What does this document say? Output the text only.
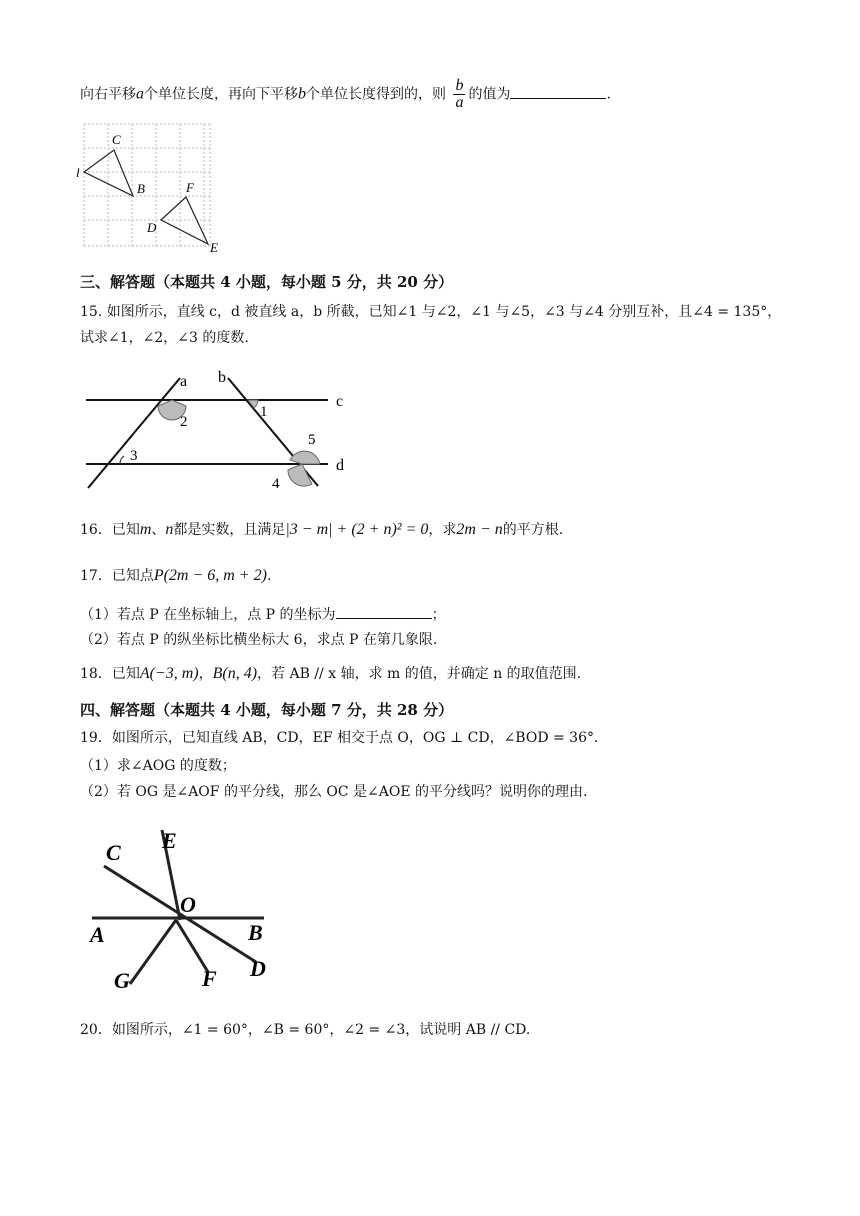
向右平移a个单位长度，再向下平移b个单位长度得到的，则 $\frac{b}{a}$ 的值为	.
C
l
B	F
D
E
三、解答题（本题共 4 小题，每小题 5 分，共 20 分）
15. 如图所示，直线 c，d 被直线 a，b 所截，已知∠1 与∠2，∠1 与∠5，∠3 与∠4 分别互补，且∠4 = 135°，
试求∠1，∠2，∠3 的度数.
a b
c
d
1
2
3
4
5
16．已知m、n都是实数，且满足|3 − m| + (2 + n)² = 0，求2m − n的平方根.
17．已知点P(2m − 6, m + 2).
（1）若点 P 在坐标轴上，点 P 的坐标为	；
（2）若点 P 的纵坐标比横坐标大 6，求点 P 在第几象限.
18．已知A(−3, m)，B(n, 4)，若 AB // x 轴，求 m 的值，并确定 n 的取值范围.
四、解答题（本题共 4 小题，每小题 7 分，共 28 分）
19．如图所示，已知直线 AB，CD，EF 相交于点 O，OG ⊥ CD，∠BOD = 36°.
（1）求∠AOG 的度数；
（2）若 OG 是∠AOF 的平分线，那么 OC 是∠AOE 的平分线吗？说明你的理由.
C E
O
A	B
G	F D
20．如图所示，∠1 = 60°，∠B = 60°，∠2 = ∠3，试说明 AB // CD.
